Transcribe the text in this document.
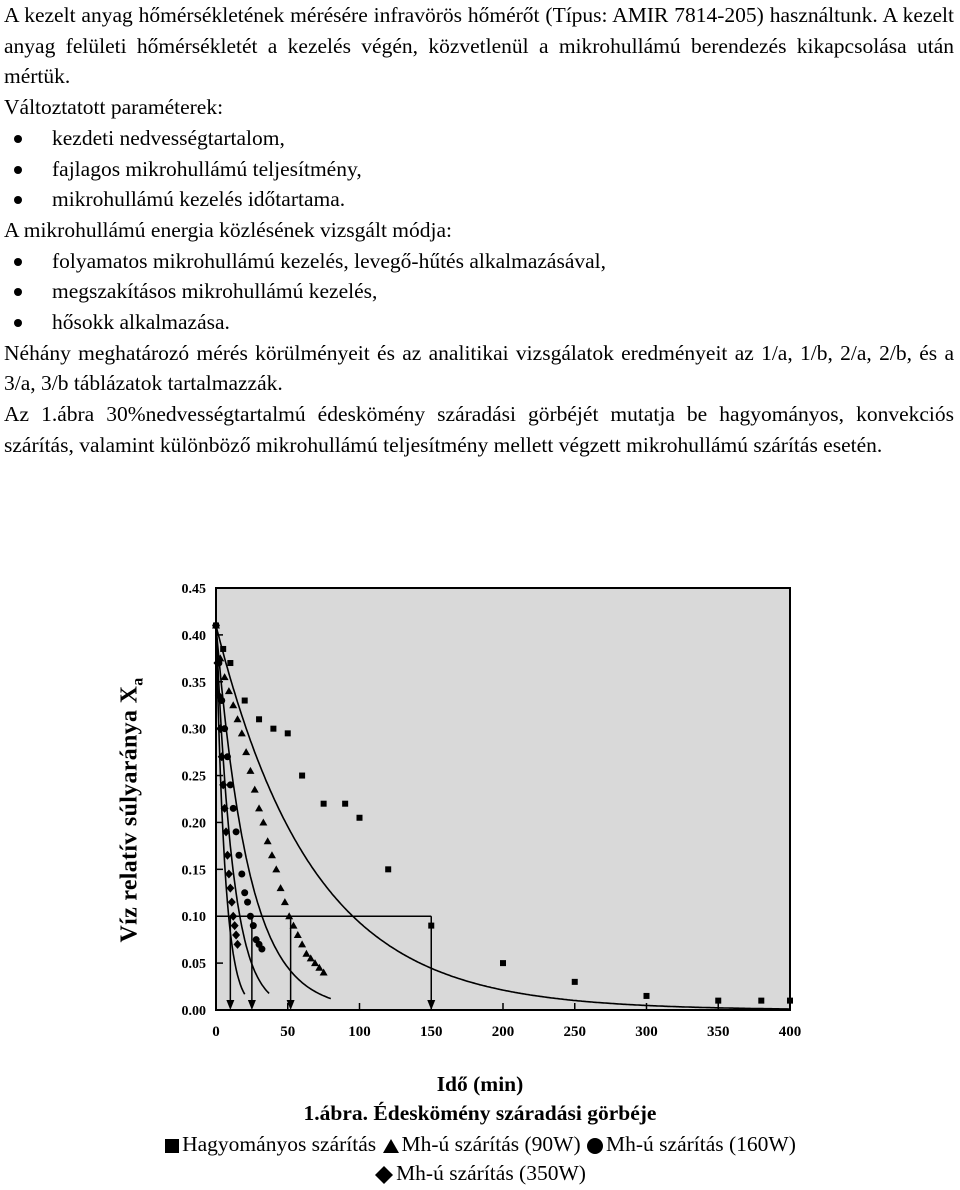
A kezelt anyag hőmérsékletének mérésére infravörös hőmérőt (Típus: AMIR 7814-205) használtunk. A kezelt anyag felületi hőmérsékletét a kezelés végén, közvetlenül a mikrohullámú berendezés kikapcsolása után mértük.

Változtatott paraméterek:

kezdeti nedvességtartalom,
fajlagos mikrohullámú teljesítmény,
mikrohullámú kezelés időtartama.

A mikrohullámú energia közlésének vizsgált módja:

folyamatos mikrohullámú kezelés, levegő-hűtés alkalmazásával,
megszakításos mikrohullámú kezelés,
hősokk alkalmazása.

Néhány meghatározó mérés körülményeit és az analitikai vizsgálatok eredményeit az 1/a, 1/b, 2/a, 2/b, és a 3/a, 3/b táblázatok tartalmazzák.

Az 1.ábra 30%nedvességtartalmú édeskömény száradási görbéjét mutatja be hagyományos, konvekciós szárítás, valamint különböző mikrohullámú teljesítmény mellett végzett mikrohullámú szárítás esetén.

0.00
0.05
0.10
0.15
0.20
0.25
0.30
0.35
0.40
0.45
0	50	100	150	200	250	300	350	400
Víz relatív súlyaránya $X_a$
Idő (min)
1.ábra. Édeskömény száradási görbéje
Hagyományos szárítás Mh-ú szárítás (90W) Mh-ú szárítás (160W)
Mh-ú szárítás (350W)
